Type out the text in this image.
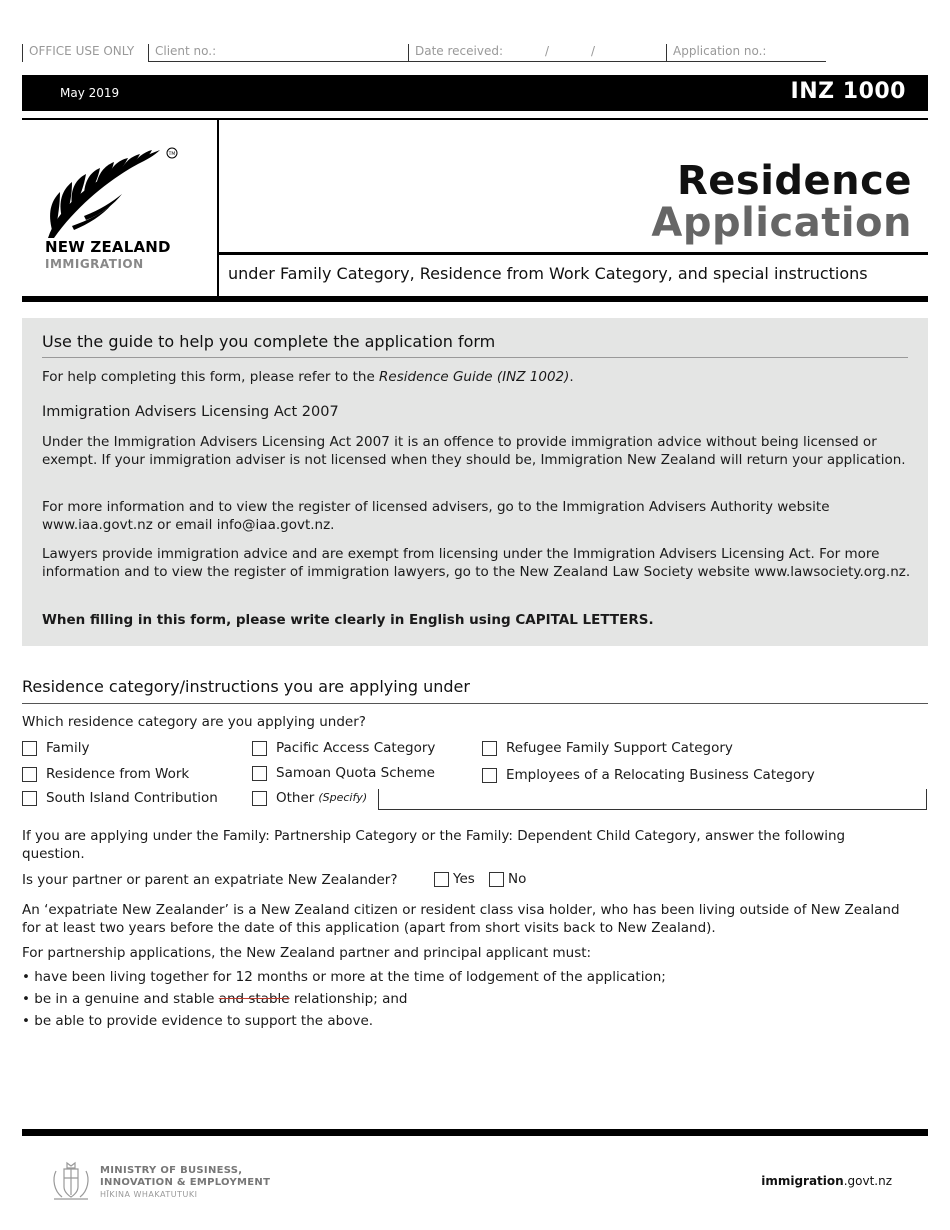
OFFICE USE ONLY	Client no.:	Date received:	/	/	Application no.:
May 2019	INZ 1000
TM
NEW ZEALAND
IMMIGRATION
Residence
Application
under Family Category, Residence from Work Category, and special instructions
Use the guide to help you complete the application form

For help completing this form, please refer to the Residence Guide (INZ 1002).

Immigration Advisers Licensing Act 2007

Under the Immigration Advisers Licensing Act 2007 it is an offence to provide immigration advice without being licensed or exempt. If your immigration adviser is not licensed when they should be, Immigration New Zealand will return your application.

For more information and to view the register of licensed advisers, go to the Immigration Advisers Authority website www.iaa.govt.nz or email info@iaa.govt.nz.

Lawyers provide immigration advice and are exempt from licensing under the Immigration Advisers Licensing Act. For more information and to view the register of immigration lawyers, go to the New Zealand Law Society website www.lawsociety.org.nz.

When filling in this form, please write clearly in English using CAPITAL LETTERS.

Residence category/instructions you are applying under
Which residence category are you applying under?
Family	Pacific Access Category	Refugee Family Support Category
Residence from Work	Samoan Quota Scheme	Employees of a Relocating Business Category
South Island Contribution	Other (Specify)
If you are applying under the Family: Partnership Category or the Family: Dependent Child Category, answer the following question.
Is your partner or parent an expatriate New Zealander?	Yes No
An ‘expatriate New Zealander’ is a New Zealand citizen or resident class visa holder, who has been living outside of New Zealand for at least two years before the date of this application (apart from short visits back to New Zealand).
For partnership applications, the New Zealand partner and principal applicant must:
• have been living together for 12 months or more at the time of lodgement of the application;
• be in a genuine and stable and stable relationship; and
• be able to provide evidence to support the above.
MINISTRY OF BUSINESS,
INNOVATION & EMPLOYMENT
HĪKINA WHAKATUTUKI
immigration.govt.nz
